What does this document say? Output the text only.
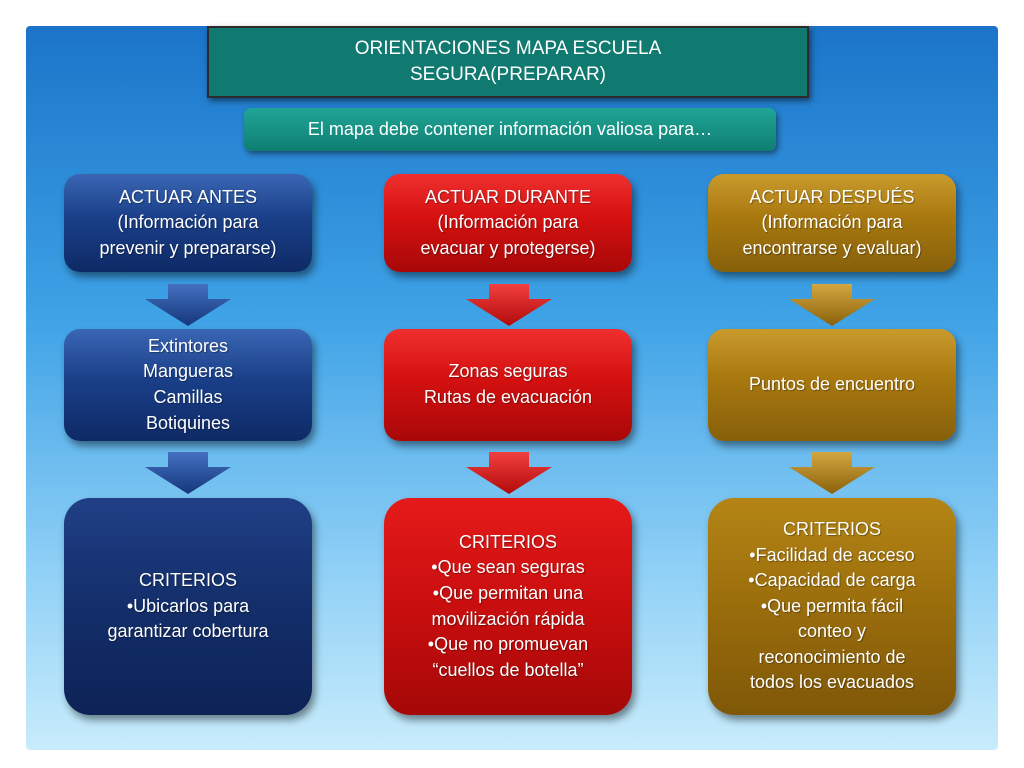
ORIENTACIONES MAPA ESCUELA
SEGURA(PREPARAR)
El mapa debe contener información valiosa para…
ACTUAR ANTES
(Información para
prevenir y prepararse)
Extintores
Mangueras
Camillas
Botiquines
CRITERIOS
•Ubicarlos para
garantizar cobertura
ACTUAR DURANTE
(Información para
evacuar y protegerse)
Zonas seguras
Rutas de evacuación
CRITERIOS
•Que sean seguras
•Que permitan una
movilización rápida
•Que no promuevan
“cuellos de botella”
ACTUAR DESPUÉS
(Información para
encontrarse y evaluar)
Puntos de encuentro
CRITERIOS
•Facilidad de acceso
•Capacidad de carga
•Que permita fácil
conteo y
reconocimiento de
todos los evacuados
